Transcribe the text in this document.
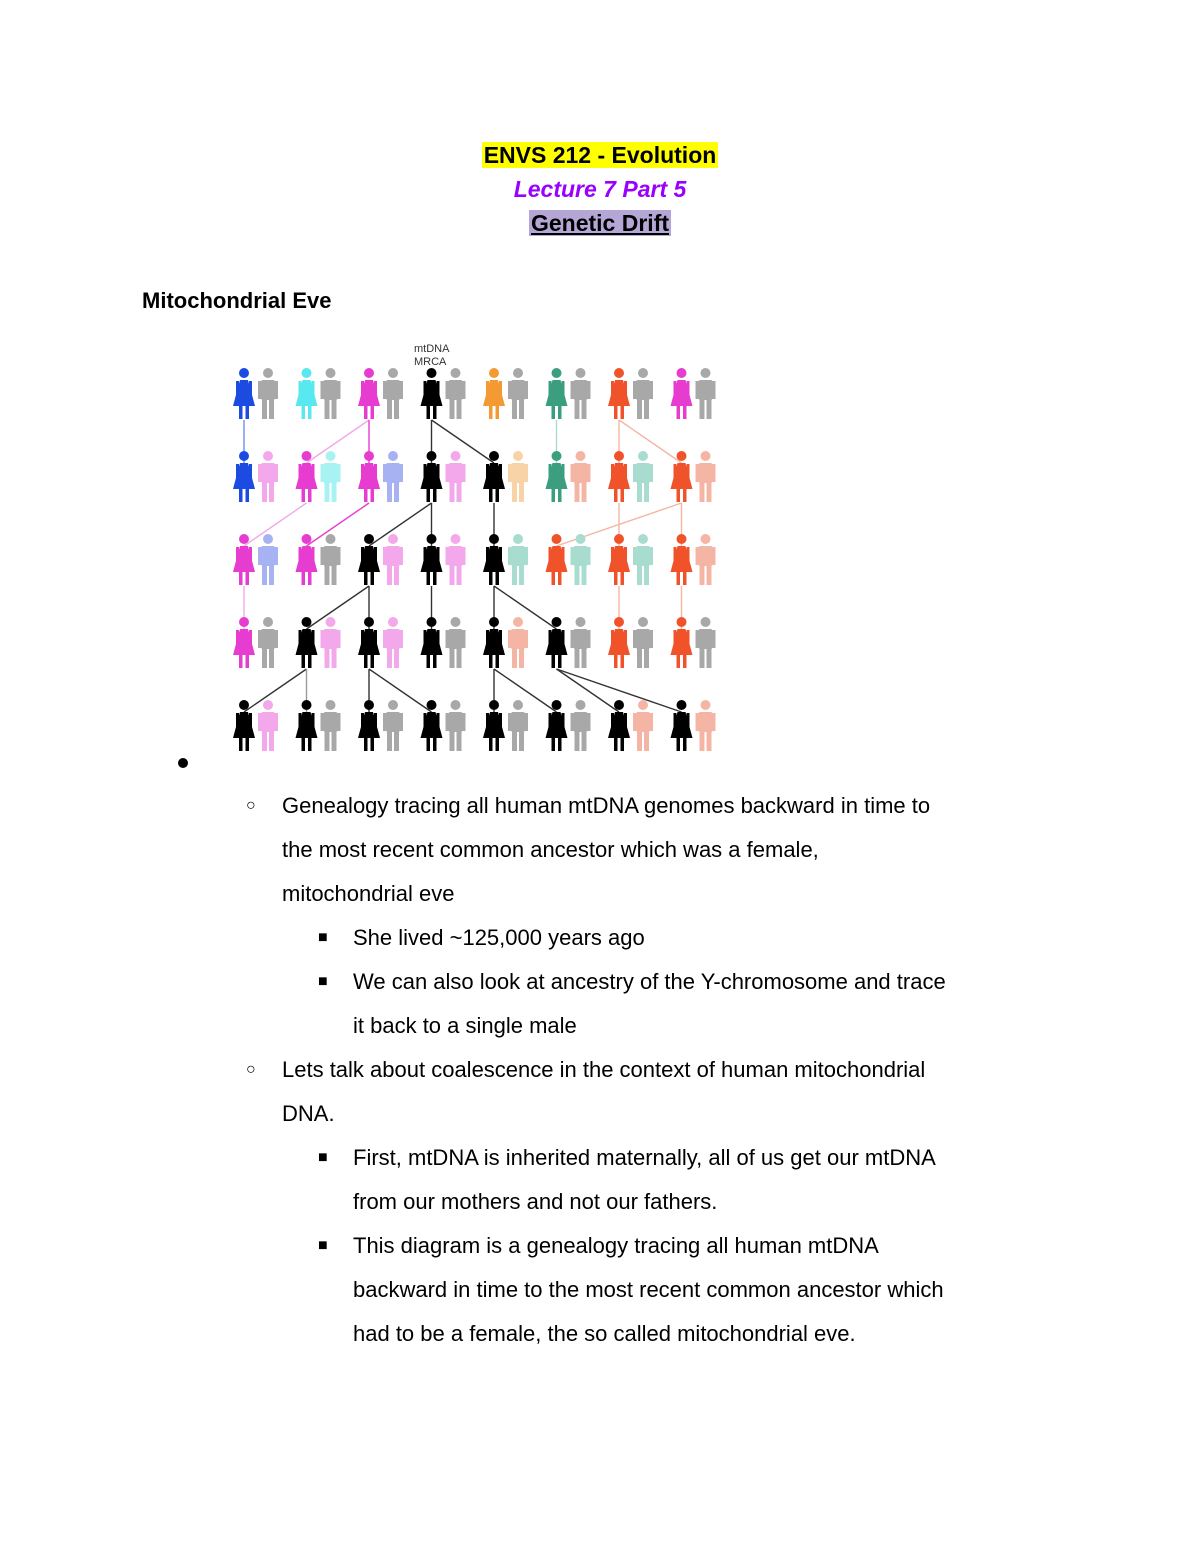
ENVS 212 - Evolution
Lecture 7 Part 5
Genetic Drift
Mitochondrial Eve
mtDNA
MRCA
○ Genealogy tracing all human mtDNA genomes backward in time to
the most recent common ancestor which was a female,
mitochondrial eve
■ She lived ~125,000 years ago
■ We can also look at ancestry of the Y-chromosome and trace
it back to a single male
○ Lets talk about coalescence in the context of human mitochondrial
DNA.
■ First, mtDNA is inherited maternally, all of us get our mtDNA
from our mothers and not our fathers.
■ This diagram is a genealogy tracing all human mtDNA
backward in time to the most recent common ancestor which
had to be a female, the so called mitochondrial eve.
